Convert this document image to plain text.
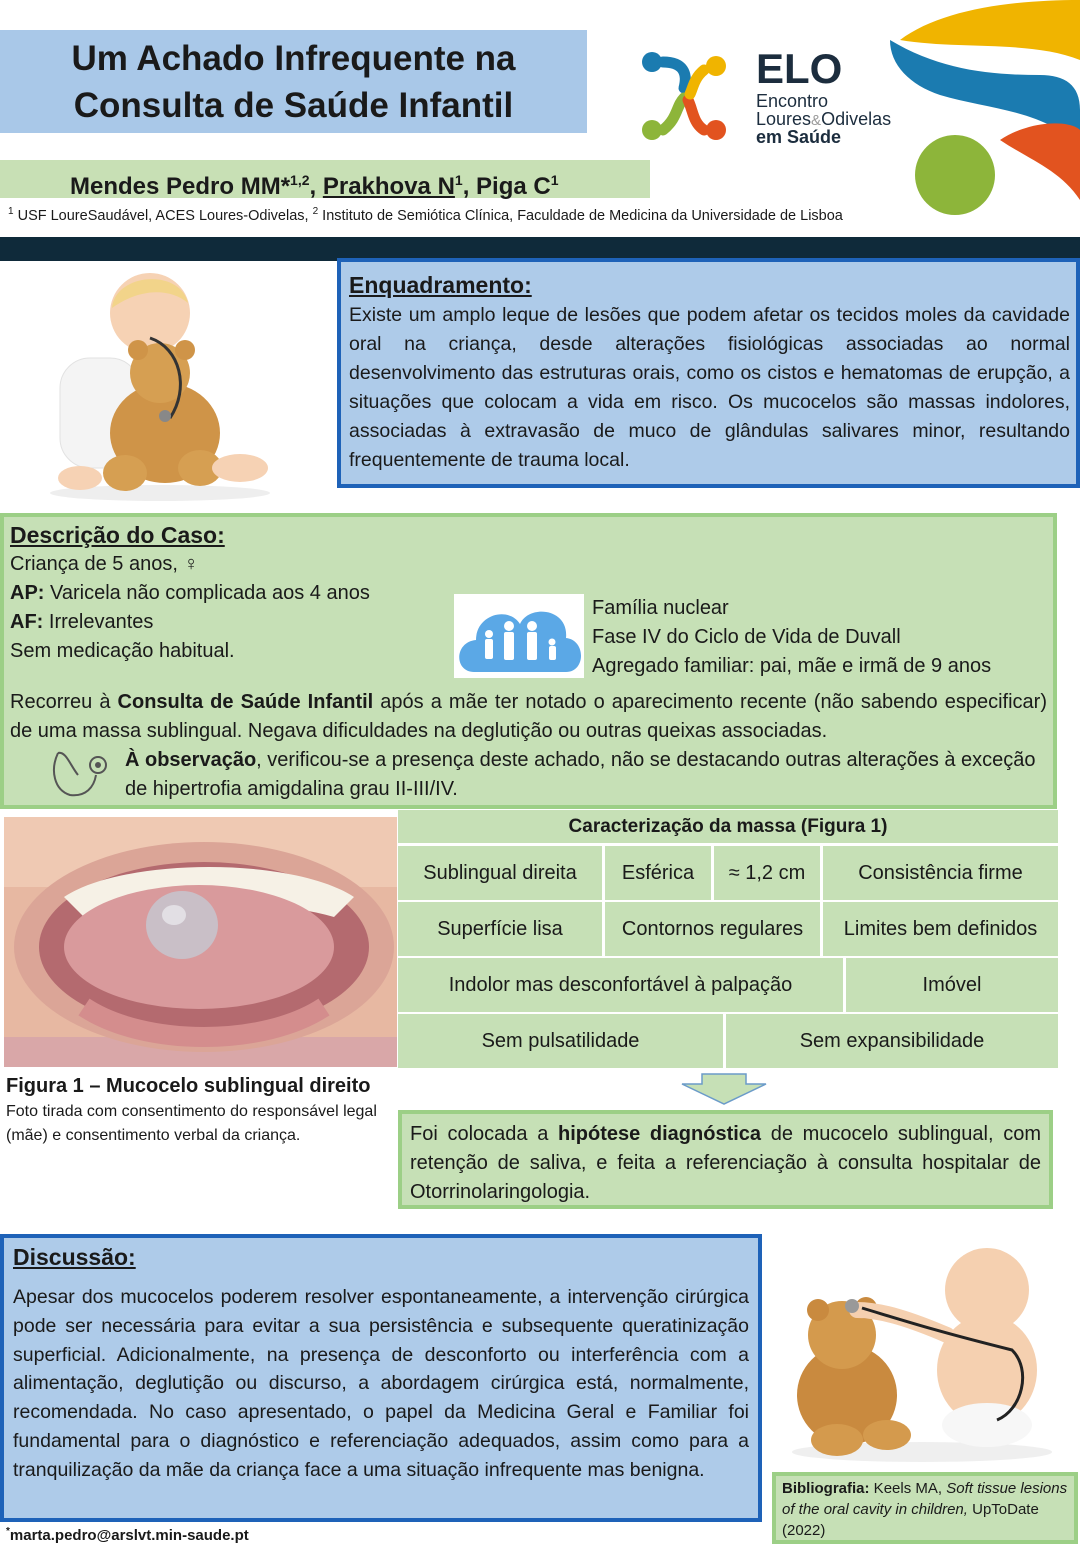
Um Achado Infrequente na
Consulta de Saúde Infantil
Mendes Pedro MM*$^{1,2}$, Prakhova $N^1$, Piga $C^1$
$^1$ USF LoureSaudável, ACES Loures-Odivelas, $^2$ Instituto de Semiótica Clínica, Faculdade de Medicina da Universidade de Lisboa
ELO
Encontro
Loures&Odivelas
em Saúde
Enquadramento:
Existe um amplo leque de lesões que podem afetar os tecidos moles da cavidade oral na criança, desde alterações fisiológicas associadas ao normal desenvolvimento das estruturas orais, como os cistos e hematomas de erupção, a situações que colocam a vida em risco. Os mucocelos são massas indolores, associadas à extravasão de muco de glândulas salivares minor, resultando frequentemente de trauma local.
Descrição do Caso:
Criança de 5 anos, ♀
AP: Varicela não complicada aos 4 anos
AF: Irrelevantes
Sem medicação habitual.
Família nuclear
Fase IV do Ciclo de Vida de Duvall
Agregado familiar: pai, mãe e irmã de 9 anos
Recorreu à Consulta de Saúde Infantil após a mãe ter notado o aparecimento recente (não sabendo especificar) de uma massa sublingual. Negava dificuldades na deglutição ou outras queixas associadas.
À observação, verificou-se a presença deste achado, não se destacando outras alterações à exceção de hipertrofia amigdalina grau II-III/IV.
Figura 1 – Mucocelo sublingual direito
Foto tirada com consentimento do responsável legal (mãe) e consentimento verbal da criança.
Caracterização da massa (Figura 1)
Sublingual direita	Esférica	≈ 1,2 cm	Consistência firme
Superfície lisa	Contornos regulares	Limites bem definidos
Indolor mas desconfortável à palpação	Imóvel
Sem pulsatilidade	Sem expansibilidade
Foi colocada a hipótese diagnóstica de mucocelo sublingual, com retenção de saliva, e feita a referenciação à consulta hospitalar de Otorrinolaringologia.
Discussão:
Apesar dos mucocelos poderem resolver espontaneamente, a intervenção cirúrgica pode ser necessária para evitar a sua persistência e subsequente queratinização superficial. Adicionalmente, na presença de desconforto ou interferência com a alimentação, deglutição ou discurso, a abordagem cirúrgica está, normalmente, recomendada. No caso apresentado, o papel da Medicina Geral e Familiar foi fundamental para o diagnóstico e referenciação adequados, assim como para a tranquilização da mãe da criança face a uma situação infrequente mas benigna.
Bibliografia: Keels MA, Soft tissue lesions of the oral cavity in children, UpToDate (2022)
*marta.pedro@arslvt.min-saude.pt
